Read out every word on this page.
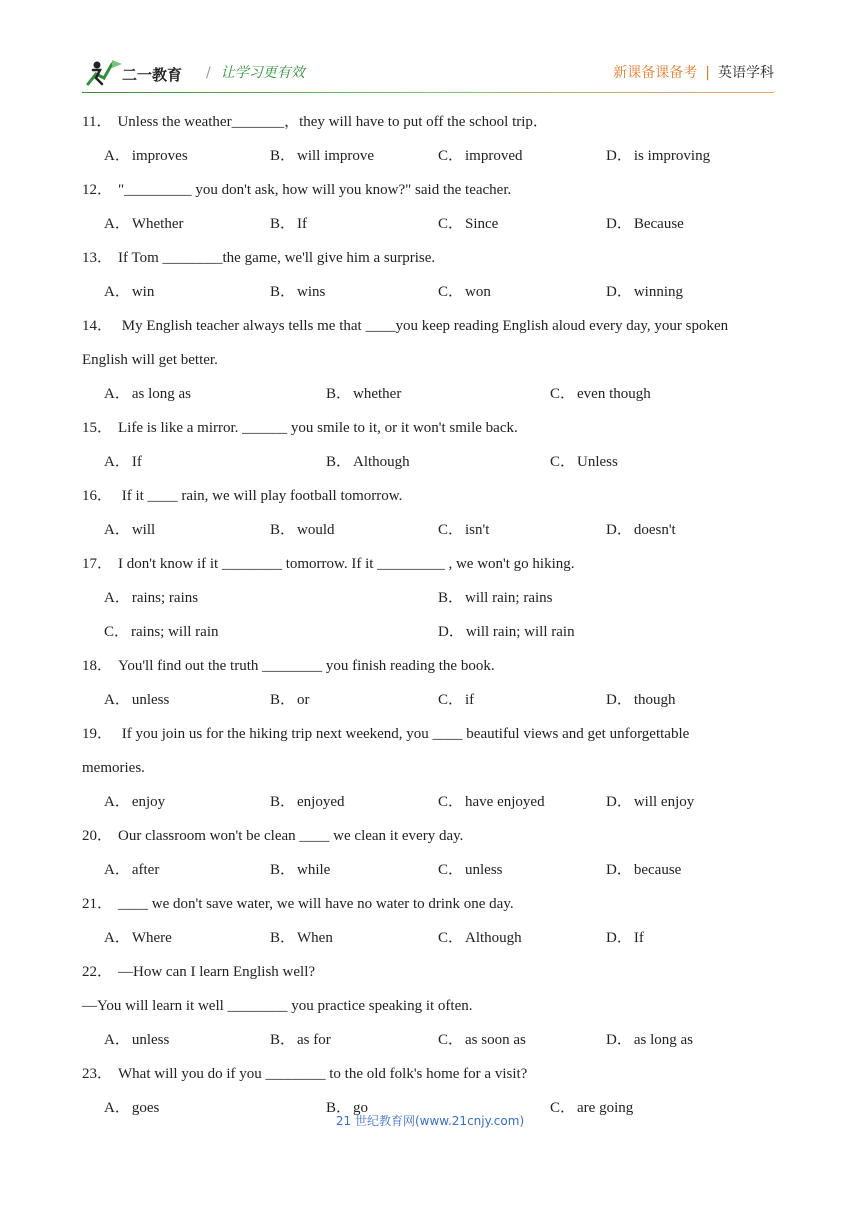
二一教育 / 让学习更有效	新课备课备考 | 英语学科
11． Unless the weather_______，they will have to put off the school trip．
A． improves	B． will improve	C． improved	D． is improving
12． "_________ you don't ask, how will you know?" said the teacher.
A． Whether	B． If	C． Since	D． Because
13． If Tom ________the game, we'll give him a surprise.
A． win	B． wins	C． won	D． winning
14． My English teacher always tells me that ____you keep reading English aloud every day, your spoken
English will get better.
A． as long as	B． whether	C． even though
15． Life is like a mirror. ______ you smile to it, or it won't smile back.
A． If	B． Although	C． Unless
16． If it ____ rain, we will play football tomorrow.
A． will	B． would	C． isn't	D． doesn't
17． I don't know if it ________ tomorrow. If it _________ , we won't go hiking.
A． rains; rains	B． will rain; rains
C． rains; will rain	D． will rain; will rain
18． You'll find out the truth ________ you finish reading the book.
A． unless	B． or	C． if	D． though
19． If you join us for the hiking trip next weekend, you ____ beautiful views and get unforgettable
memories.
A． enjoy	B． enjoyed	C． have enjoyed	D． will enjoy
20． Our classroom won't be clean ____ we clean it every day.
A． after	B． while	C． unless	D． because
21． ____ we don't save water, we will have no water to drink one day.
A． Where	B． When	C． Although	D． If
22． —How can I learn English well?
—You will learn it well ________ you practice speaking it often.
A． unless	B． as for	C． as soon as	D． as long as
23． What will you do if you ________ to the old folk's home for a visit?
A． goes	B． go	C． are going
21 世纪教育网(www.21cnjy.com)
